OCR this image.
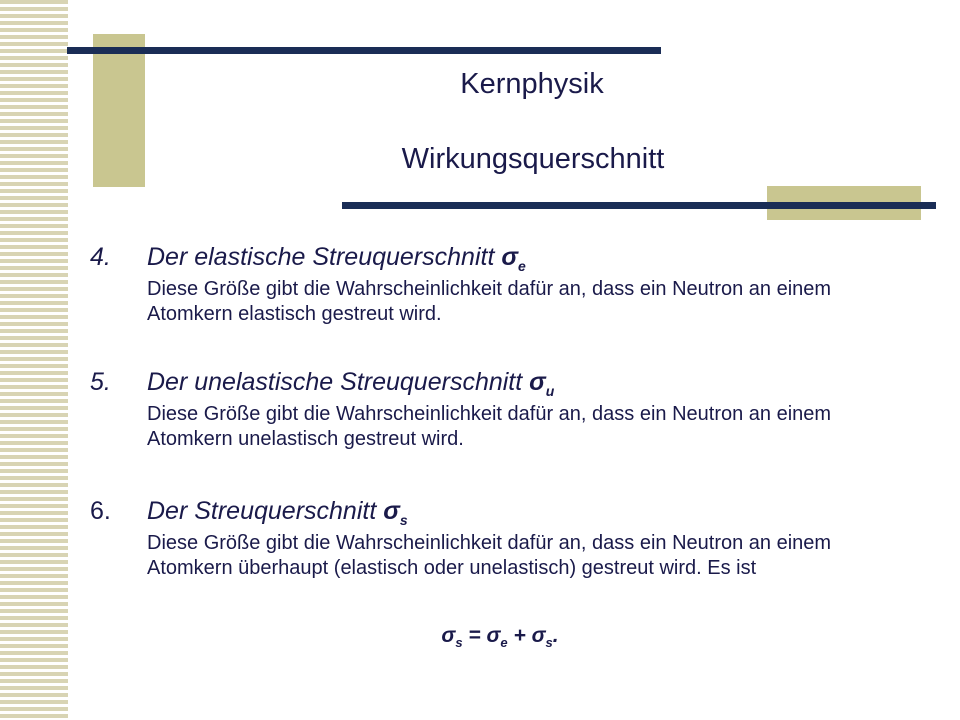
Kernphysik
Wirkungsquerschnitt
4. Der elastische Streuquerschnitt $\sigma_e$
Diese Größe gibt die Wahrscheinlichkeit dafür an, dass ein Neutron an einem Atomkern elastisch gestreut wird.
5. Der unelastische Streuquerschnitt $\sigma_u$
Diese Größe gibt die Wahrscheinlichkeit dafür an, dass ein Neutron an einem Atomkern unelastisch gestreut wird.
6. Der Streuquerschnitt $\sigma_s$
Diese Größe gibt die Wahrscheinlichkeit dafür an, dass ein Neutron an einem Atomkern überhaupt (elastisch oder unelastisch) gestreut wird. Es ist
$\sigma_s = \sigma_e + \sigma_s$.
